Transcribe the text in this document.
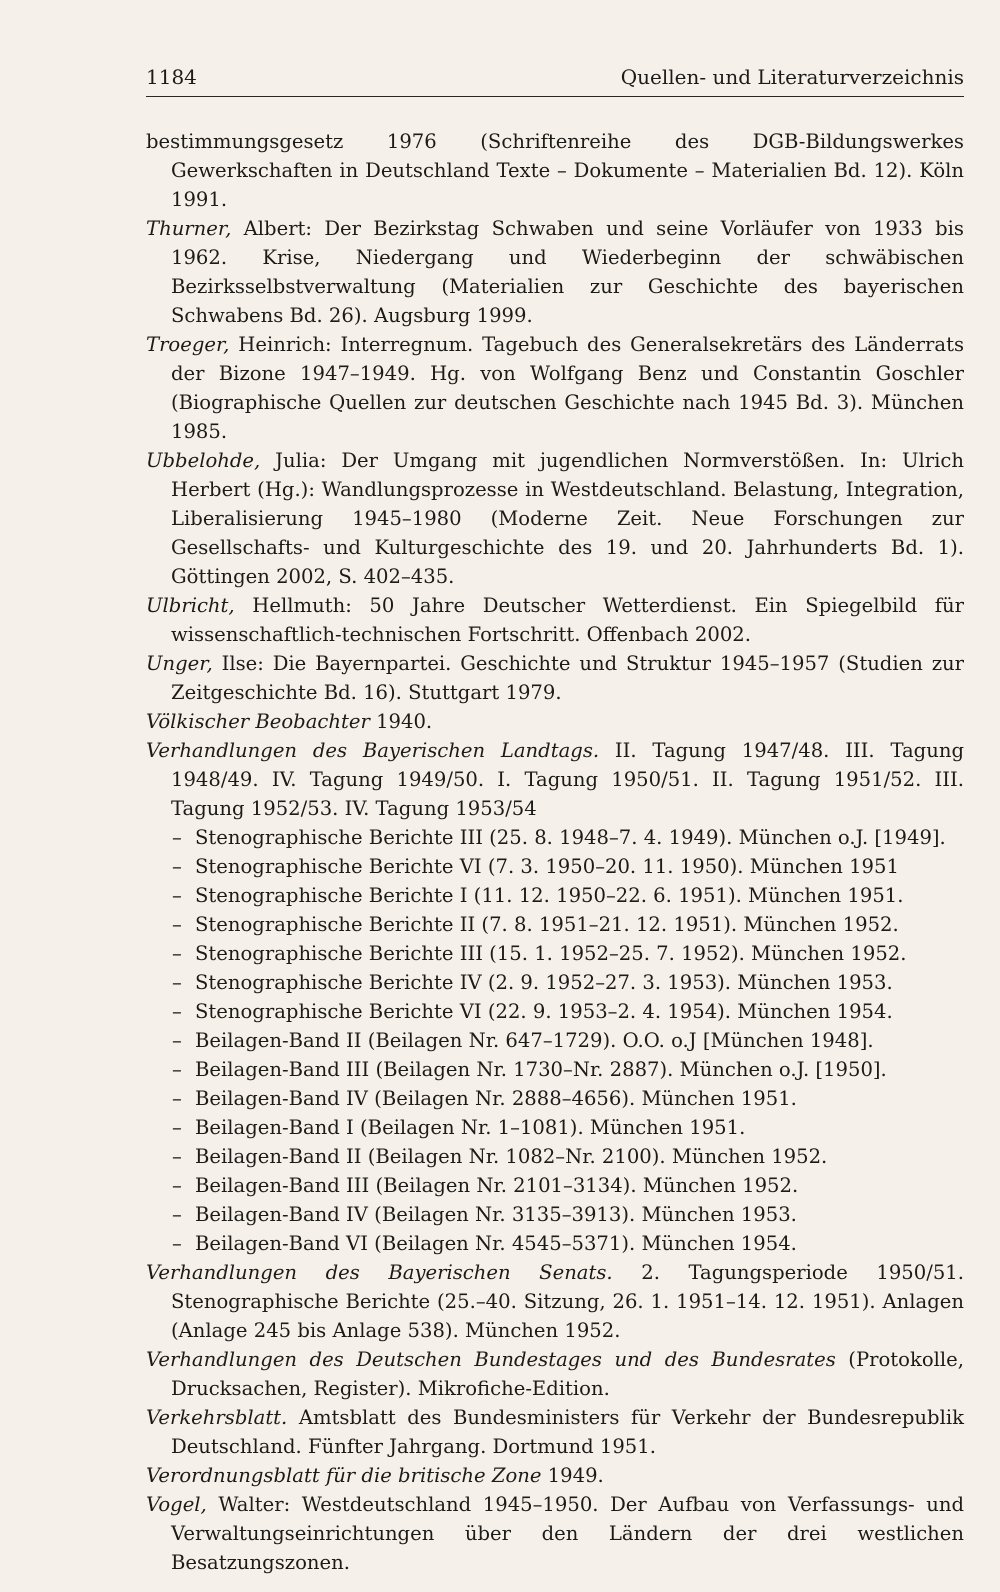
1184	Quellen- und Literaturverzeichnis

bestimmungsgesetz 1976 (Schriftenreihe des DGB-Bildungswerkes Gewerkschaften in Deutschland Texte – Dokumente – Materialien Bd. 12). Köln 1991.

Thurner, Albert: Der Bezirkstag Schwaben und seine Vorläufer von 1933 bis 1962. Krise, Niedergang und Wiederbeginn der schwäbischen Bezirksselbstverwaltung (Materialien zur Geschichte des bayerischen Schwabens Bd. 26). Augsburg 1999.

Troeger, Heinrich: Interregnum. Tagebuch des Generalsekretärs des Länderrats der Bizone 1947–1949. Hg. von Wolfgang Benz und Constantin Goschler (Biographische Quellen zur deutschen Geschichte nach 1945 Bd. 3). München 1985.

Ubbelohde, Julia: Der Umgang mit jugendlichen Normverstößen. In: Ulrich Herbert (Hg.): Wandlungsprozesse in Westdeutschland. Belastung, Integration, Liberalisierung 1945–1980 (Moderne Zeit. Neue Forschungen zur Gesellschafts- und Kulturgeschichte des 19. und 20. Jahrhunderts Bd. 1). Göttingen 2002, S. 402–435.

Ulbricht, Hellmuth: 50 Jahre Deutscher Wetterdienst. Ein Spiegelbild für wissenschaftlich-technischen Fortschritt. Offenbach 2002.

Unger, Ilse: Die Bayernpartei. Geschichte und Struktur 1945–1957 (Studien zur Zeitgeschichte Bd. 16). Stuttgart 1979.

Völkischer Beobachter 1940.

Verhandlungen des Bayerischen Landtags. II. Tagung 1947/48. III. Tagung 1948/49. IV. Tagung 1949/50. I. Tagung 1950/51. II. Tagung 1951/52. III. Tagung 1952/53. IV. Tagung 1953/54

– Stenographische Berichte III (25. 8. 1948–7. 4. 1949). München o.J. [1949].

– Stenographische Berichte VI (7. 3. 1950–20. 11. 1950). München 1951

– Stenographische Berichte I (11. 12. 1950–22. 6. 1951). München 1951.

– Stenographische Berichte II (7. 8. 1951–21. 12. 1951). München 1952.

– Stenographische Berichte III (15. 1. 1952–25. 7. 1952). München 1952.

– Stenographische Berichte IV (2. 9. 1952–27. 3. 1953). München 1953.

– Stenographische Berichte VI (22. 9. 1953–2. 4. 1954). München 1954.

– Beilagen-Band II (Beilagen Nr. 647–1729). O.O. o.J [München 1948].

– Beilagen-Band III (Beilagen Nr. 1730–Nr. 2887). München o.J. [1950].

– Beilagen-Band IV (Beilagen Nr. 2888–4656). München 1951.

– Beilagen-Band I (Beilagen Nr. 1–1081). München 1951.

– Beilagen-Band II (Beilagen Nr. 1082–Nr. 2100). München 1952.

– Beilagen-Band III (Beilagen Nr. 2101–3134). München 1952.

– Beilagen-Band IV (Beilagen Nr. 3135–3913). München 1953.

– Beilagen-Band VI (Beilagen Nr. 4545–5371). München 1954.

Verhandlungen des Bayerischen Senats. 2. Tagungsperiode 1950/51. Stenographische Berichte (25.–40. Sitzung, 26. 1. 1951–14. 12. 1951). Anlagen (Anlage 245 bis Anlage 538). München 1952.

Verhandlungen des Deutschen Bundestages und des Bundesrates (Protokolle, Drucksachen, Register). Mikrofiche-Edition.

Verkehrsblatt. Amtsblatt des Bundesministers für Verkehr der Bundesrepublik Deutschland. Fünfter Jahrgang. Dortmund 1951.

Verordnungsblatt für die britische Zone 1949.

Vogel, Walter: Westdeutschland 1945–1950. Der Aufbau von Verfassungs- und Verwaltungseinrichtungen über den Ländern der drei westlichen Besatzungszonen.
